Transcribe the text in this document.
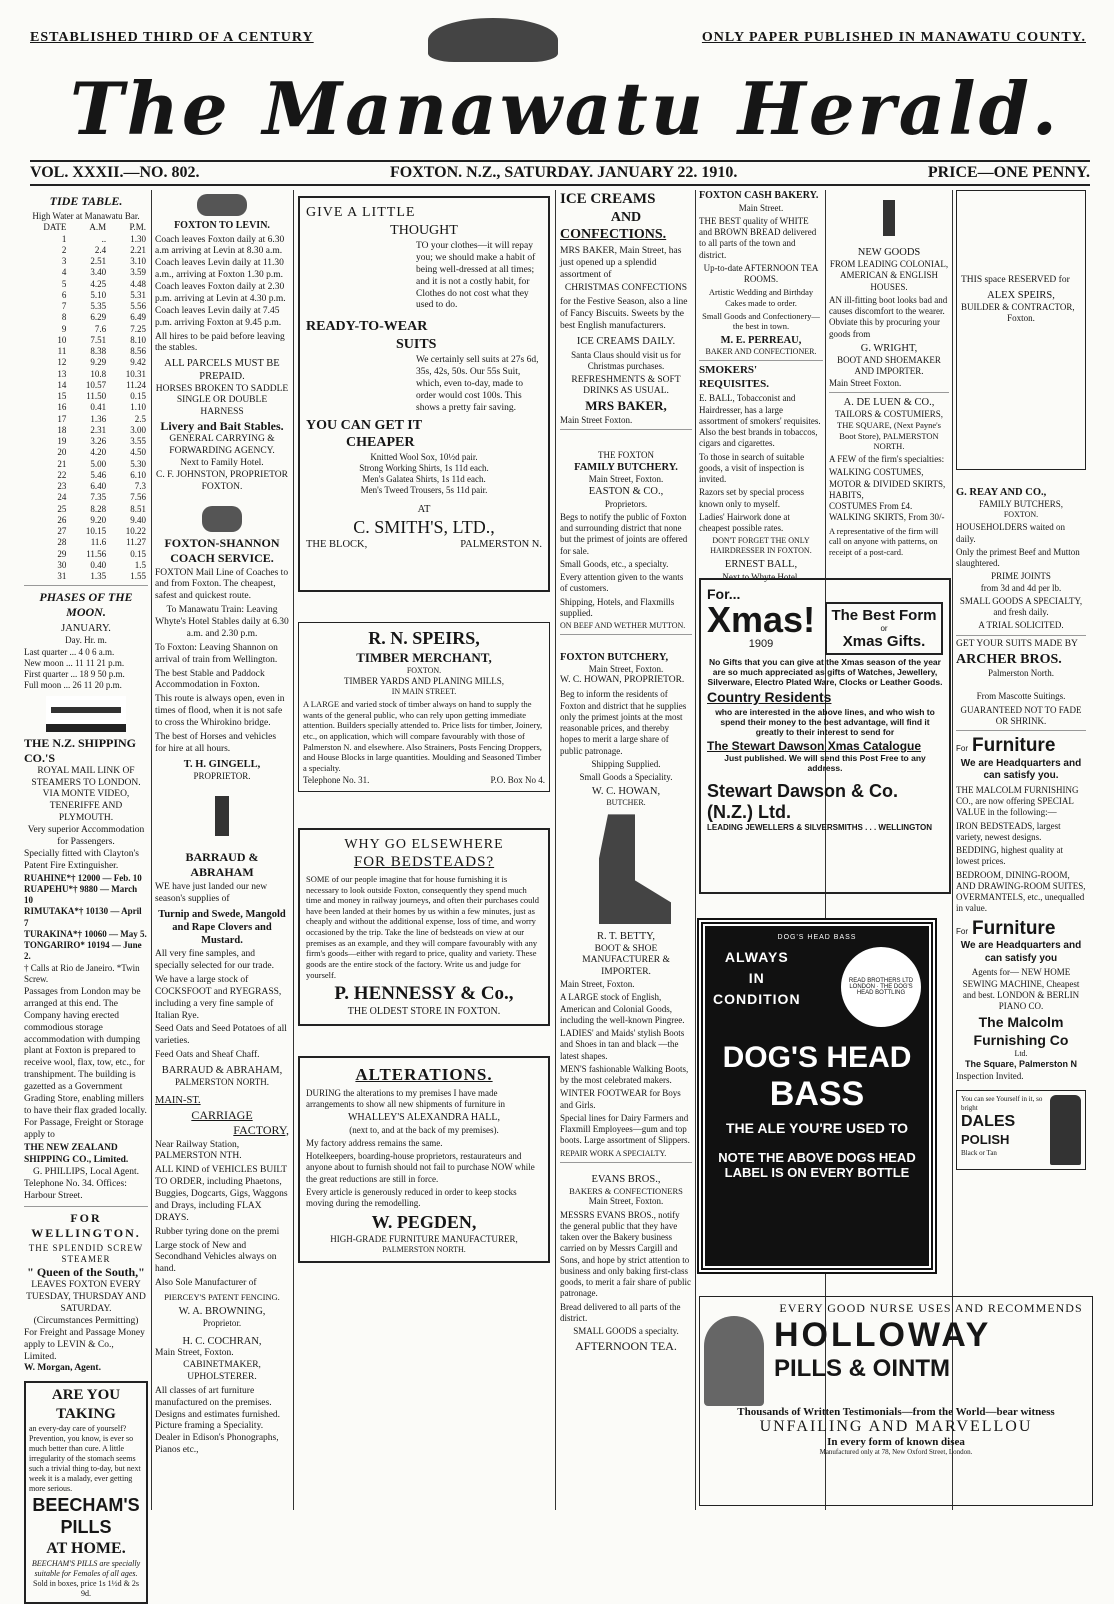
ESTABLISHED THIRD OF A CENTURY	ONLY PAPER PUBLISHED IN MANAWATU COUNTY.
The Manawatu Herald.
VOL. XXXII.—NO. 802.	FOXTON. N.Z., SATURDAY. JANUARY 22. 1910.	PRICE—ONE PENNY.
TIDE TABLE.
High Water at Manawatu Bar.
DATE	A.M	P.M.
1	..	1.30
2	2.4	2.21
3	2.51	3.10
4	3.40	3.59
5	4.25	4.48
6	5.10	5.31
7	5.35	5.56
8	6.29	6.49
9	7.6	7.25
10	7.51	8.10
11	8.38	8.56
12	9.29	9.42
13	10.8	10.31
14	10.57	11.24
15	11.50	0.15
16	0.41	1.10
17	1.36	2.5
18	2.31	3.00
19	3.26	3.55
20	4.20	4.50
21	5.00	5.30
22	5.46	6.10
23	6.40	7.3
24	7.35	7.56
25	8.28	8.51
26	9.20	9.40
27	10.15	10.22
28	11.6	11.27
29	11.56	0.15
30	0.40	1.5
31	1.35	1.55
PHASES OF THE MOON.
JANUARY.
Day. Hr. m.
Last quarter ... 4 0 6 a.m.
New moon ... 11 11 21 p.m.
First quarter ... 18 9 50 p.m.
Full moon ... 26 11 20 p.m.
THE N.Z. SHIPPING CO.'S
ROYAL MAIL LINK OF STEAMERS TO LONDON.
VIA MONTE VIDEO, TENERIFFE AND PLYMOUTH.
Very superior Accommodation for Passengers.
Specially fitted with Clayton's Patent Fire Extinguisher.
RUAHINE*† 12000 — Feb. 10
RUAPEHU*† 9880 — March 10
RIMUTAKA*† 10130 — April 7
TURAKINA*† 10060 — May 5.
TONGARIRO* 10194 — June 2.
† Calls at Rio de Janeiro. *Twin Screw.

Passages from London may be arranged at this end. The Company having erected commodious storage accommodation with dumping plant at Foxton is prepared to receive wool, flax, tow, etc., for transhipment. The building is gazetted as a Government Grading Store, enabling millers to have their flax graded locally. For Passage, Freight or Storage apply to

THE NEW ZEALAND SHIPPING CO., Limited.
G. PHILLIPS, Local Agent.
Telephone No. 34. Offices: Harbour Street.
FOR WELLINGTON.
THE SPLENDID SCREW STEAMER
" Queen of the South,"
LEAVES FOXTON EVERY TUESDAY, THURSDAY AND SATURDAY.
(Circumstances Permitting)
For Freight and Passage Money apply to LEVIN & Co., Limited.
W. Morgan, Agent.
ARE YOU TAKING
an every-day care of yourself? Prevention, you know, is ever so much better than cure. A little irregularity of the stomach seems such a trivial thing to-day, but next week it is a malady, ever getting more serious.
BEECHAM'S PILLS
AT HOME.
BEECHAM'S PILLS are specially suitable for Females of all ages.
Sold in boxes, price 1s 1½d & 2s 9d.
FOXTON TO LEVIN.
Coach leaves Foxton daily at 6.30 a.m arriving at Levin at 8.30 a.m.
Coach leaves Levin daily at 11.30 a.m., arriving at Foxton 1.30 p.m.
Coach leaves Foxton daily at 2.30 p.m. arriving at Levin at 4.30 p.m.
Coach leaves Levin daily at 7.45 p.m. arriving Foxton at 9.45 p.m.

All hires to be paid before leaving the stables.

ALL PARCELS MUST BE PREPAID.
HORSES BROKEN TO SADDLE SINGLE OR DOUBLE HARNESS
Livery and Bait Stables.
GENERAL CARRYING & FORWARDING AGENCY.
Next to Family Hotel.
C. F. JOHNSTON, PROPRIETOR FOXTON.
FOXTON-SHANNON COACH SERVICE.

FOXTON Mail Line of Coaches to and from Foxton. The cheapest, safest and quickest route.

To Manawatu Train: Leaving Whyte's Hotel Stables daily at 6.30 a.m. and 2.30 p.m.

To Foxton: Leaving Shannon on arrival of train from Wellington.

The best Stable and Paddock Accommodation in Foxton.

This route is always open, even in times of flood, when it is not safe to cross the Whirokino bridge.

The best of Horses and vehicles for hire at all hours.

T. H. GINGELL,
PROPRIETOR.
BARRAUD & ABRAHAM

WE have just landed our new season's supplies of

Turnip and Swede, Mangold and Rape Clovers and Mustard.

All very fine samples, and specially selected for our trade.

We have a large stock of COCKSFOOT and RYEGRASS, including a very fine sample of Italian Rye.

Seed Oats and Seed Potatoes of all varieties.

Feed Oats and Sheaf Chaff.

BARRAUD & ABRAHAM,
PALMERSTON NORTH.
MAIN-ST.
CARRIAGE
FACTORY,

Near Railway Station, PALMERSTON NTH.

ALL KIND of VEHICLES BUILT TO ORDER, including Phaetons, Buggies, Dogcarts, Gigs, Waggons and Drays, including FLAX DRAYS.

Rubber tyring done on the premi

Large stock of New and Secondhand Vehicles always on hand.

Also Sole Manufacturer of

PIERCEY'S PATENT FENCING.

W. A. BROWNING,
Proprietor.
H. C. COCHRAN,
Main Street, Foxton.
CABINETMAKER, UPHOLSTERER.

All classes of art furniture manufactured on the premises. Designs and estimates furnished. Picture framing a Speciality. Dealer in Edison's Phonographs, Pianos etc.,

GIVE A LITTLE
THOUGHT

TO your clothes—it will repay you; we should make a habit of being well-dressed at all times; and it is not a costly habit, for Clothes do not cost what they used to do.

READY-TO-WEAR
SUITS

We certainly sell suits at 27s 6d, 35s, 42s, 50s. Our 55s Suit, which, even to-day, made to order would cost 100s. This shows a pretty fair saving.

YOU CAN GET IT
CHEAPER
Knitted Wool Sox, 10½d pair.
Strong Working Shirts, 1s 11d each.
Men's Galatea Shirts, 1s 11d each.
Men's Tweed Trousers, 5s 11d pair.
AT
C. SMITH'S, LTD.,
THE BLOCK,	PALMERSTON N.
R. N. SPEIRS,
TIMBER MERCHANT,
FOXTON.
TIMBER YARDS AND PLANING MILLS,
IN MAIN STREET.

A LARGE and varied stock of timber always on hand to supply the wants of the general public, who can rely upon getting immediate attention. Builders specially attended to. Price lists for timber, Joinery, etc., on application, which will compare favourably with those of Palmerston N. and elsewhere. Also Strainers, Posts Fencing Droppers, and House Blocks in large quantities. Moulding and Seasoned Timber a specialty.

Telephone No. 31.	P.O. Box No 4.
WHY GO ELSEWHERE
FOR BEDSTEADS?

SOME of our people imagine that for house furnishing it is necessary to look outside Foxton, consequently they spend much time and money in railway journeys, and often their purchases could have been landed at their homes by us within a few minutes, just as cheaply and without the additional expense, loss of time, and worry occasioned by the trip. Take the line of bedsteads on view at our premises as an example, and they will compare favourably with any firm's goods—either with regard to price, quality and variety. These goods are the entire stock of the factory. Write us and judge for yourself.

P. HENNESSY & Co.,
THE OLDEST STORE IN FOXTON.
ALTERATIONS.

DURING the alterations to my premises I have made arrangements to show all new shipments of furniture in

WHALLEY'S ALEXANDRA HALL,
(next to, and at the back of my premises).

My factory address remains the same.

Hotelkeepers, boarding-house proprietors, restaurateurs and anyone about to furnish should not fail to purchase NOW while the great reductions are still in force.

Every article is generously reduced in order to keep stocks moving during the remodelling.

W. PEGDEN,
HIGH-GRADE FURNITURE MANUFACTURER,
PALMERSTON NORTH.
ICE CREAMS
AND
CONFECTIONS.

MRS BAKER, Main Street, has just opened up a splendid assortment of

CHRISTMAS CONFECTIONS

for the Festive Season, also a line of Fancy Biscuits. Sweets by the best English manufacturers.

ICE CREAMS DAILY.

Santa Claus should visit us for Christmas purchases.

REFRESHMENTS & SOFT DRINKS AS USUAL.
MRS BAKER,
Main Street Foxton.
THE FOXTON
FAMILY BUTCHERY.
Main Street, Foxton.
EASTON & CO.,
Proprietors.

Begs to notify the public of Foxton and surrounding district that none but the primest of joints are offered for sale.

Small Goods, etc., a specialty.

Every attention given to the wants of customers.

Shipping, Hotels, and Flaxmills supplied.

ON BEEF AND WETHER MUTTON.

FOXTON BUTCHERY,
Main Street, Foxton.
W. C. HOWAN, PROPRIETOR.

Beg to inform the residents of Foxton and district that he supplies only the primest joints at the most reasonable prices, and thereby hopes to merit a large share of public patronage.

Shipping Supplied.

Small Goods a Speciality.

W. C. HOWAN,
BUTCHER.
R. T. BETTY,
BOOT & SHOE MANUFACTURER & IMPORTER.
Main Street, Foxton.

A LARGE stock of English, American and Colonial Goods, including the well-known Pingree.

LADIES' and Maids' stylish Boots and Shoes in tan and black —the latest shapes.

MEN'S fashionable Walking Boots, by the most celebrated makers.

WINTER FOOTWEAR for Boys and Girls.

Special lines for Dairy Farmers and Flaxmill Employees—gum and top boots. Large assortment of Slippers.

REPAIR WORK A SPECIALTY.

EVANS BROS.,
BAKERS & CONFECTIONERS
Main Street, Foxton.

MESSRS EVANS BROS., notify the general public that they have taken over the Bakery business carried on by Messrs Cargill and Sons, and hope by strict attention to business and only baking first-class goods, to merit a fair share of public patronage.

Bread delivered to all parts of the district.

SMALL GOODS a specialty.

AFTERNOON TEA.
FOXTON CASH BAKERY.
Main Street.

THE BEST quality of WHITE and BROWN BREAD delivered to all parts of the town and district.

Up-to-date AFTERNOON TEA ROOMS.

Artistic Wedding and Birthday Cakes made to order.

Small Goods and Confectionery—the best in town.

M. E. PERREAU,
BAKER AND CONFECTIONER.
SMOKERS' REQUISITES.

E. BALL, Tobacconist and Hairdresser, has a large assortment of smokers' requisites. Also the best brands in tobaccos, cigars and cigarettes.

To those in search of suitable goods, a visit of inspection is invited.

Razors set by special process known only to myself.

Ladies' Hairwork done at cheapest possible rates.

DON'T FORGET THE ONLY HAIRDRESSER IN FOXTON.

ERNEST BALL,
Next to Whyte Hotel.
NEW GOODS
FROM LEADING COLONIAL, AMERICAN & ENGLISH HOUSES.

AN ill-fitting boot looks bad and causes discomfort to the wearer. Obviate this by procuring your goods from

G. WRIGHT,
BOOT AND SHOEMAKER AND IMPORTER.
Main Street Foxton.
A. DE LUEN & CO.,
TAILORS & COSTUMIERS,
THE SQUARE, (Next Payne's Boot Store), PALMERSTON NORTH.

A FEW of the firm's specialties:

WALKING COSTUMES,
MOTOR & DIVIDED SKIRTS,
HABITS,
COSTUMES From £4.
WALKING SKIRTS, From 30/-

A representative of the firm will call on anyone with patterns, on receipt of a post-card.

For...
Xmas!
1909
The Best Form
or
Xmas Gifts.

No Gifts that you can give at the Xmas season of the year are so much appreciated as gifts of Watches, Jewellery, Silverware, Electro Plated Ware, Clocks or Leather Goods.

Country Residents

who are interested in the above lines, and who wish to spend their money to the best advantage, will find it greatly to their interest to send for

The Stewart Dawson Xmas Catalogue
Just published. We will send this Post Free to any address.
Stewart Dawson & Co. (N.Z.) Ltd.
LEADING JEWELLERS & SILVERSMITHS . . . WELLINGTON
DOG'S HEAD BASS
ALWAYS
IN
CONDITION
READ BROTHERS LTD LONDON · THE DOG'S HEAD BOTTLING
DOG'S HEAD
BASS
THE ALE YOU'RE USED TO
NOTE THE ABOVE DOGS HEAD LABEL IS ON EVERY BOTTLE
EVERY GOOD NURSE USES AND RECOMMENDS
HOLLOWAY
PILLS & OINTM
Thousands of Written Testimonials—from the World—bear witness
UNFAILING AND MARVELLOU
In every form of known disea
Manufactured only at 78, New Oxford Street, London.

THIS space RESERVED for

ALEX SPEIRS,
BUILDER & CONTRACTOR,
Foxton.
G. REAY AND CO.,
FAMILY BUTCHERS,
FOXTON.

HOUSEHOLDERS waited on daily.

Only the primest Beef and Mutton slaughtered.

PRIME JOINTS
from 3d and 4d per lb.

SMALL GOODS A SPECIALTY, and fresh daily.

A TRIAL SOLICITED.
GET YOUR SUITS MADE BY
ARCHER BROS.
Palmerston North.

From Mascotte Suitings.

GUARANTEED NOT TO FADE OR SHRINK.

For Furniture
We are Headquarters and can satisfy you.

THE MALCOLM FURNISHING CO., are now offering SPECIAL VALUE in the following:—

IRON BEDSTEADS, largest variety, newest designs.

BEDDING, highest quality at lowest prices.

BEDROOM, DINING-ROOM, AND DRAWING-ROOM SUITES, OVERMANTELS, etc., unequalled in value.

For Furniture
We are Headquarters and can satisfy you

Agents for— NEW HOME SEWING MACHINE, Cheapest and best. LONDON & BERLIN PIANO CO.

The Malcolm Furnishing Co
Ltd.
The Square, Palmerston N
Inspection Invited.
You can see Yourself in it, so bright
DALES
POLISH
Black or Tan
